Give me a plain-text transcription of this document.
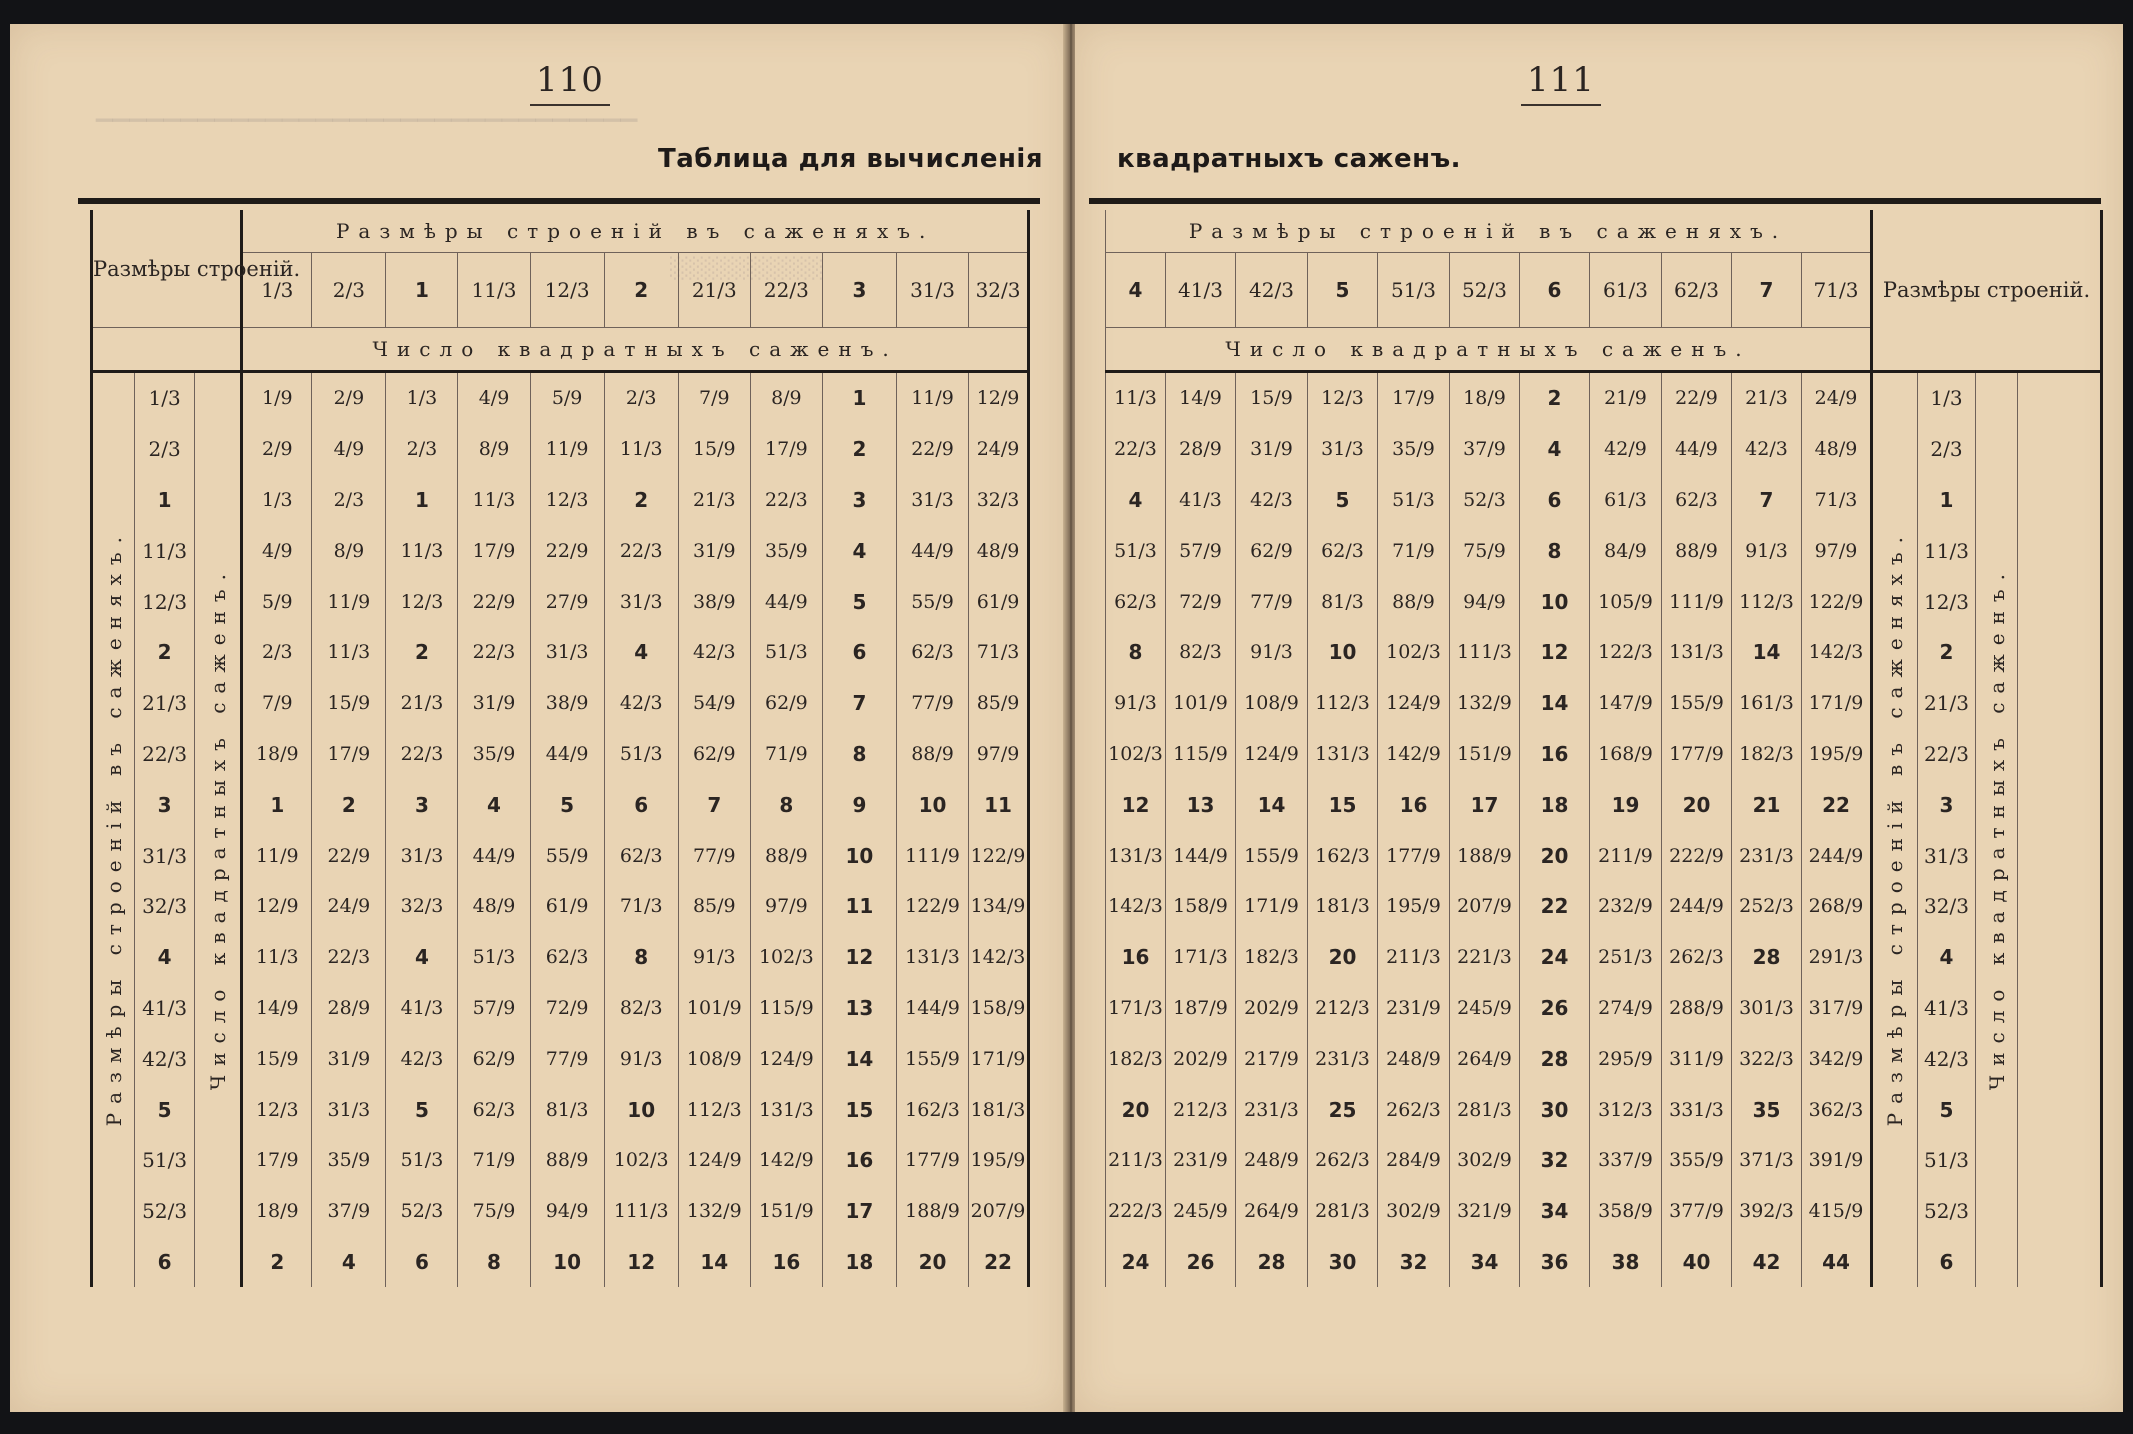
▔▔▔▔▔▔▔▔▔▔▔▔▔▔▔▔▔▔▔▔▔▔▔▔▔▔▔▔▔▔▔▔
110
Таблица для вычисленія
░░░░░░░░░░
Размѣры строеній.			Размѣры строеній въ саженяхъ.										
			1/3	2/3	1	11/3	12/3	2	21/3	22/3	3	31/3	32/3
			Число квадратныхъ саженъ.										
Размѣры строеній въ саженяхъ.	1/3	Число квадратныхъ саженъ.	1/9	2/9	1/3	4/9	5/9	2/3	7/9	8/9	1	11/9	12/9
	2/3		2/9	4/9	2/3	8/9	11/9	11/3	15/9	17/9	2	22/9	24/9
	1		1/3	2/3	1	11/3	12/3	2	21/3	22/3	3	31/3	32/3
	11/3		4/9	8/9	11/3	17/9	22/9	22/3	31/9	35/9	4	44/9	48/9
	12/3		5/9	11/9	12/3	22/9	27/9	31/3	38/9	44/9	5	55/9	61/9
	2		2/3	11/3	2	22/3	31/3	4	42/3	51/3	6	62/3	71/3
	21/3		7/9	15/9	21/3	31/9	38/9	42/3	54/9	62/9	7	77/9	85/9
	22/3		18/9	17/9	22/3	35/9	44/9	51/3	62/9	71/9	8	88/9	97/9
	3		1	2	3	4	5	6	7	8	9	10	11
	31/3		11/9	22/9	31/3	44/9	55/9	62/3	77/9	88/9	10	111/9	122/9
	32/3		12/9	24/9	32/3	48/9	61/9	71/3	85/9	97/9	11	122/9	134/9
	4		11/3	22/3	4	51/3	62/3	8	91/3	102/3	12	131/3	142/3
	41/3		14/9	28/9	41/3	57/9	72/9	82/3	101/9	115/9	13	144/9	158/9
	42/3		15/9	31/9	42/3	62/9	77/9	91/3	108/9	124/9	14	155/9	171/9
	5		12/3	31/3	5	62/3	81/3	10	112/3	131/3	15	162/3	181/3
	51/3		17/9	35/9	51/3	71/9	88/9	102/3	124/9	142/9	16	177/9	195/9
	52/3		18/9	37/9	52/3	75/9	94/9	111/3	132/9	151/9	17	188/9	207/9
	6		2	4	6	8	10	12	14	16	18	20	22
111
квадратныхъ саженъ.
Размѣры строеній въ саженяхъ.											Размѣры строеній.			
4	41/3	42/3	5	51/3	52/3	6	61/3	62/3	7	71/3				
Число квадратныхъ саженъ.														
11/3	14/9	15/9	12/3	17/9	18/9	2	21/9	22/9	21/3	24/9	Размѣры строеній въ саженяхъ.	1/3	Число квадратныхъ саженъ.	
22/3	28/9	31/9	31/3	35/9	37/9	4	42/9	44/9	42/3	48/9		2/3		
4	41/3	42/3	5	51/3	52/3	6	61/3	62/3	7	71/3		1		
51/3	57/9	62/9	62/3	71/9	75/9	8	84/9	88/9	91/3	97/9		11/3		
62/3	72/9	77/9	81/3	88/9	94/9	10	105/9	111/9	112/3	122/9		12/3		
8	82/3	91/3	10	102/3	111/3	12	122/3	131/3	14	142/3		2		
91/3	101/9	108/9	112/3	124/9	132/9	14	147/9	155/9	161/3	171/9		21/3		
102/3	115/9	124/9	131/3	142/9	151/9	16	168/9	177/9	182/3	195/9		22/3		
12	13	14	15	16	17	18	19	20	21	22		3		
131/3	144/9	155/9	162/3	177/9	188/9	20	211/9	222/9	231/3	244/9		31/3		
142/3	158/9	171/9	181/3	195/9	207/9	22	232/9	244/9	252/3	268/9		32/3		
16	171/3	182/3	20	211/3	221/3	24	251/3	262/3	28	291/3		4		
171/3	187/9	202/9	212/3	231/9	245/9	26	274/9	288/9	301/3	317/9		41/3		
182/3	202/9	217/9	231/3	248/9	264/9	28	295/9	311/9	322/3	342/9		42/3		
20	212/3	231/3	25	262/3	281/3	30	312/3	331/3	35	362/3		5		
211/3	231/9	248/9	262/3	284/9	302/9	32	337/9	355/9	371/3	391/9		51/3		
222/3	245/9	264/9	281/3	302/9	321/9	34	358/9	377/9	392/3	415/9		52/3		
24	26	28	30	32	34	36	38	40	42	44		6		
